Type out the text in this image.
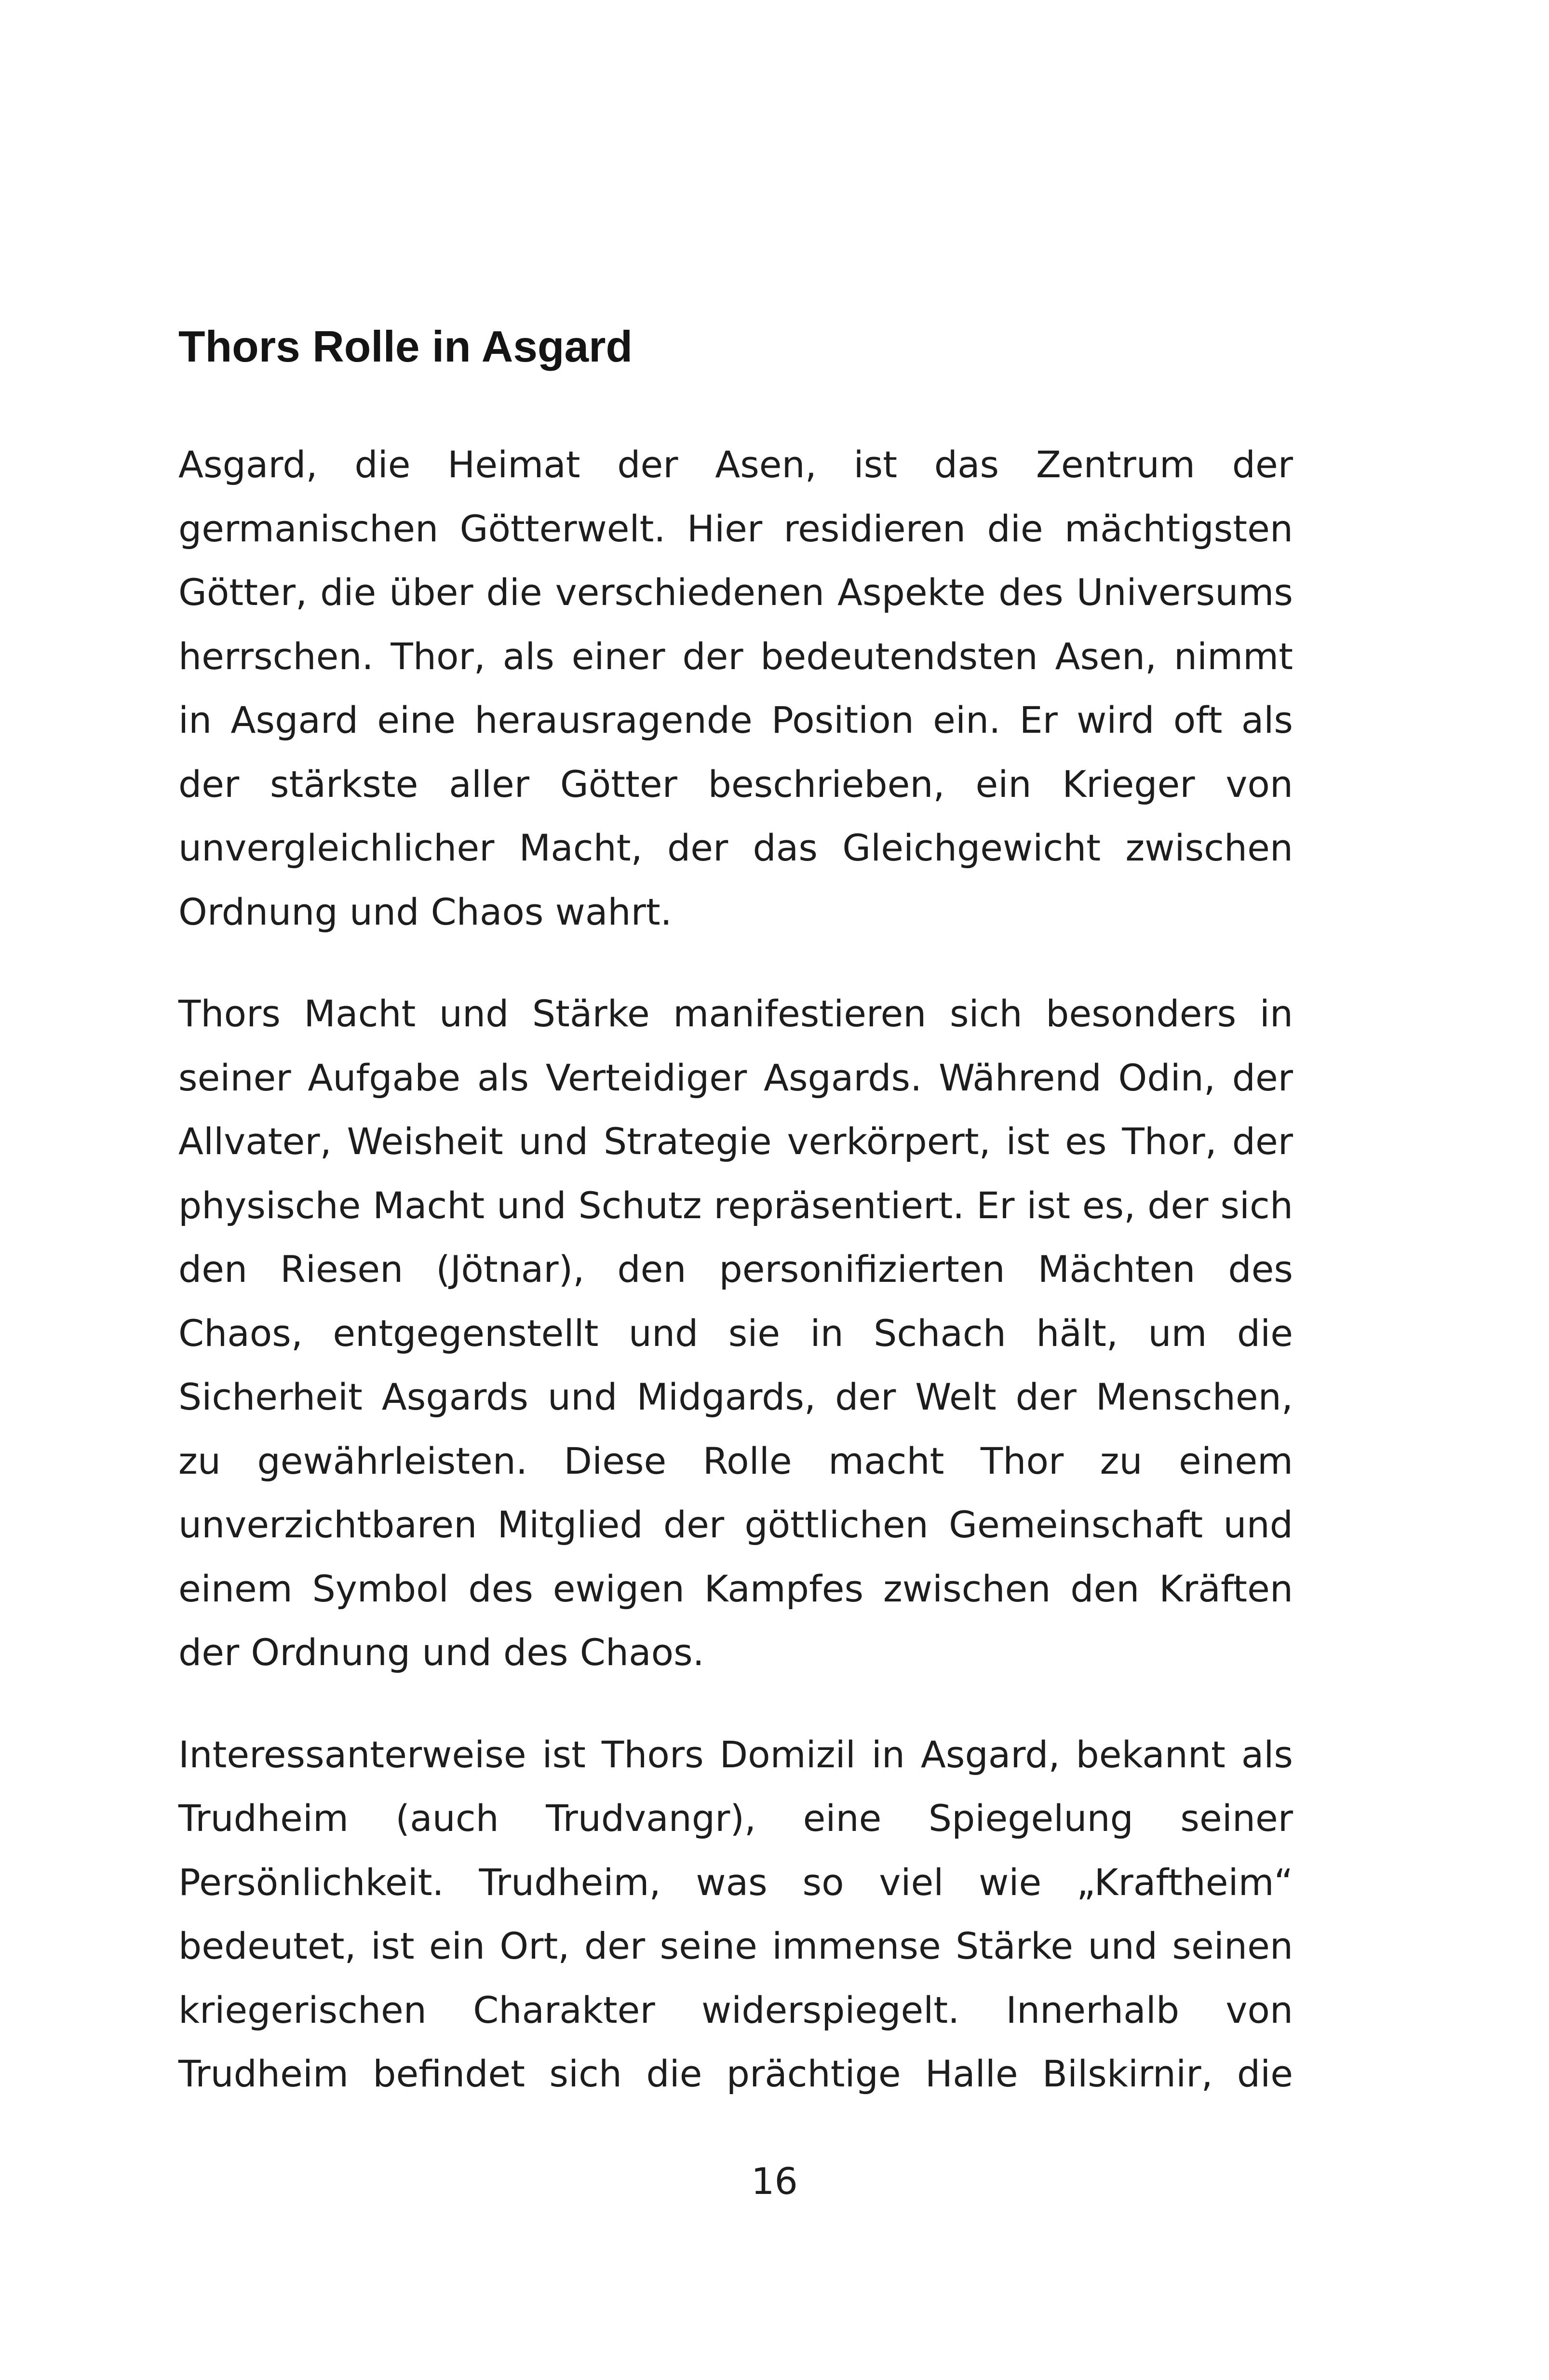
Thors Rolle in Asgard

Asgard, die Heimat der Asen, ist das Zentrum der germanischen Götterwelt. Hier residieren die mächtigsten Götter, die über die verschiedenen Aspekte des Universums herrschen. Thor, als einer der bedeutendsten Asen, nimmt in Asgard eine herausragende Position ein. Er wird oft als der stärkste aller Götter beschrieben, ein Krieger von unvergleichlicher Macht, der das Gleichgewicht zwischen Ordnung und Chaos wahrt.

Thors Macht und Stärke manifestieren sich besonders in seiner Aufgabe als Verteidiger Asgards. Während Odin, der Allvater, Weisheit und Strategie verkörpert, ist es Thor, der physische Macht und Schutz repräsentiert. Er ist es, der sich den Riesen (Jötnar), den personifizierten Mächten des Chaos, entgegenstellt und sie in Schach hält, um die Sicherheit Asgards und Midgards, der Welt der Menschen, zu gewährleisten. Diese Rolle macht Thor zu einem unverzichtbaren Mitglied der göttlichen Gemeinschaft und einem Symbol des ewigen Kampfes zwischen den Kräften der Ordnung und des Chaos.

Interessanterweise ist Thors Domizil in Asgard, bekannt als Trudheim (auch Trudvangr), eine Spiegelung seiner Persönlichkeit. Trudheim, was so viel wie „Kraftheim“ bedeutet, ist ein Ort, der seine immense Stärke und seinen kriegerischen Charakter widerspiegelt. Innerhalb von Trudheim befindet sich die prächtige Halle Bilskirnir, die

16
